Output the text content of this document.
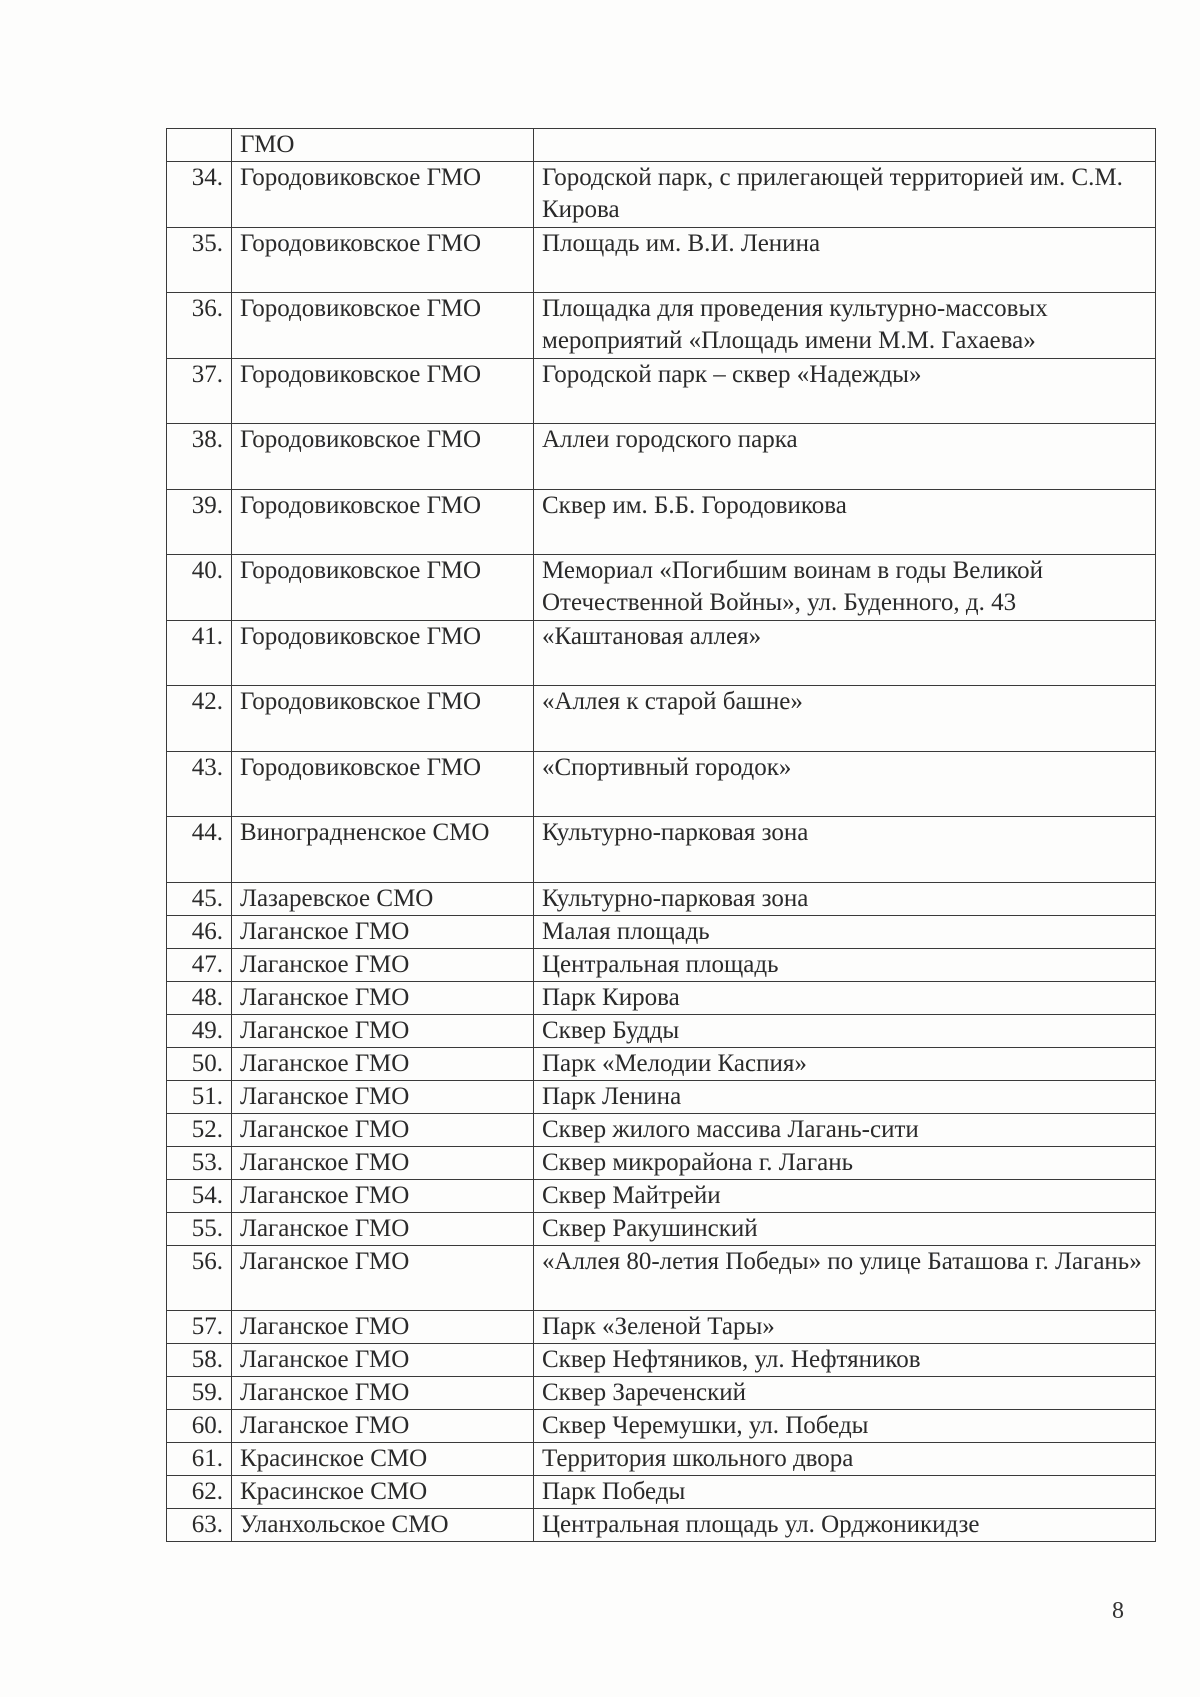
	ГМО	
34.	Городовиковское ГМО	Городской парк, с прилегающей территорией им. С.М. Кирова
35.	Городовиковское ГМО	Площадь им. В.И. Ленина
36.	Городовиковское ГМО	Площадка для проведения культурно-массовых мероприятий «Площадь имени М.М. Гахаева»
37.	Городовиковское ГМО	Городской парк – сквер «Надежды»
38.	Городовиковское ГМО	Аллеи городского парка
39.	Городовиковское ГМО	Сквер им. Б.Б. Городовикова
40.	Городовиковское ГМО	Мемориал «Погибшим воинам в годы Великой Отечественной Войны», ул. Буденного, д. 43
41.	Городовиковское ГМО	«Каштановая аллея»
42.	Городовиковское ГМО	«Аллея к старой башне»
43.	Городовиковское ГМО	«Спортивный городок»
44.	Виноградненское СМО	Культурно-парковая зона
45.	Лазаревское СМО	Культурно-парковая зона
46.	Лаганское ГМО	Малая площадь
47.	Лаганское ГМО	Центральная площадь
48.	Лаганское ГМО	Парк Кирова
49.	Лаганское ГМО	Сквер Будды
50.	Лаганское ГМО	Парк «Мелодии Каспия»
51.	Лаганское ГМО	Парк Ленина
52.	Лаганское ГМО	Сквер жилого массива Лагань-сити
53.	Лаганское ГМО	Сквер микрорайона г. Лагань
54.	Лаганское ГМО	Сквер Майтрейи
55.	Лаганское ГМО	Сквер Ракушинский
56.	Лаганское ГМО	«Аллея 80-летия Победы» по улице Баташова г. Лагань»
57.	Лаганское ГМО	Парк «Зеленой Тары»
58.	Лаганское ГМО	Сквер Нефтяников, ул. Нефтяников
59.	Лаганское ГМО	Сквер Зареченский
60.	Лаганское ГМО	Сквер Черемушки, ул. Победы
61.	Красинское СМО	Территория школьного двора
62.	Красинское СМО	Парк Победы
63.	Уланхольское СМО	Центральная площадь ул. Орджоникидзе
8
